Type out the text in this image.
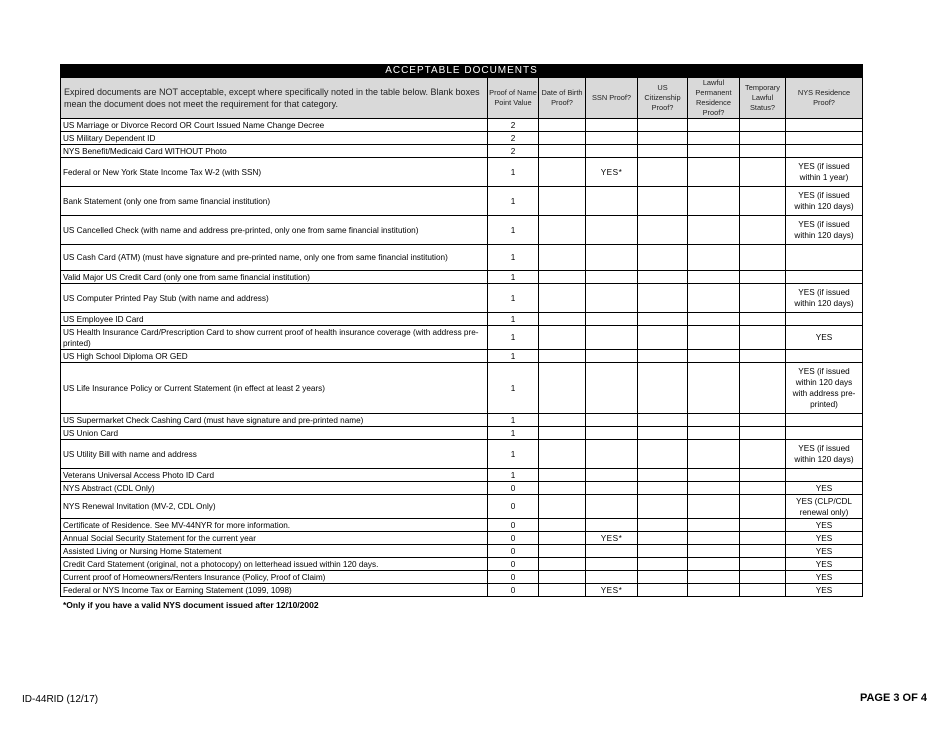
ACCEPTABLE DOCUMENTS							
Expired documents are NOT acceptable, except where specifically noted in the table below. Blank boxes mean the document does not meet the requirement for that category.	Proof of Name Point Value	Date of Birth Proof?	SSN Proof?	US Citizenship Proof?	Lawful Permanent Residence Proof?	Temporary Lawful Status?	NYS Residence Proof?
US Marriage or Divorce Record OR Court Issued Name Change Decree	2						
US Military Dependent ID	2						
NYS Benefit/Medicaid Card WITHOUT Photo	2						
Federal or New York State Income Tax W-2 (with SSN)	1		YES*				YES (if issued within 1 year)
Bank Statement (only one from same financial institution)	1						YES (if issued within 120 days)
US Cancelled Check (with name and address pre-printed, only one from same financial institution)	1						YES (if issued within 120 days)
US Cash Card (ATM) (must have signature and pre-printed name, only one from same financial institution)	1						
Valid Major US Credit Card (only one from same financial institution)	1						
US Computer Printed Pay Stub (with name and address)	1						YES (if issued within 120 days)
US Employee ID Card	1						
US Health Insurance Card/Prescription Card to show current proof of health insurance coverage (with address pre-printed)	1						YES
US High School Diploma OR GED	1						
US Life Insurance Policy or Current Statement (in effect at least 2 years)	1						YES (if issued within 120 days with address pre-printed)
US Supermarket Check Cashing Card (must have signature and pre-printed name)	1						
US Union Card	1						
US Utility Bill with name and address	1						YES (if issued within 120 days)
Veterans Universal Access Photo ID Card	1						
NYS Abstract (CDL Only)	0						YES
NYS Renewal Invitation (MV-2, CDL Only)	0						YES (CLP/CDL renewal only)
Certificate of Residence. See MV-44NYR for more information.	0						YES
Annual Social Security Statement for the current year	0		YES*				YES
Assisted Living or Nursing Home Statement	0						YES
Credit Card Statement (original, not a photocopy) on letterhead issued within 120 days.	0						YES
Current proof of Homeowners/Renters Insurance (Policy, Proof of Claim)	0						YES
Federal or NYS Income Tax or Earning Statement (1099, 1098)	0		YES*				YES
*Only if you have a valid NYS document issued after 12/10/2002
ID-44RID (12/17)	PAGE 3 OF 4
